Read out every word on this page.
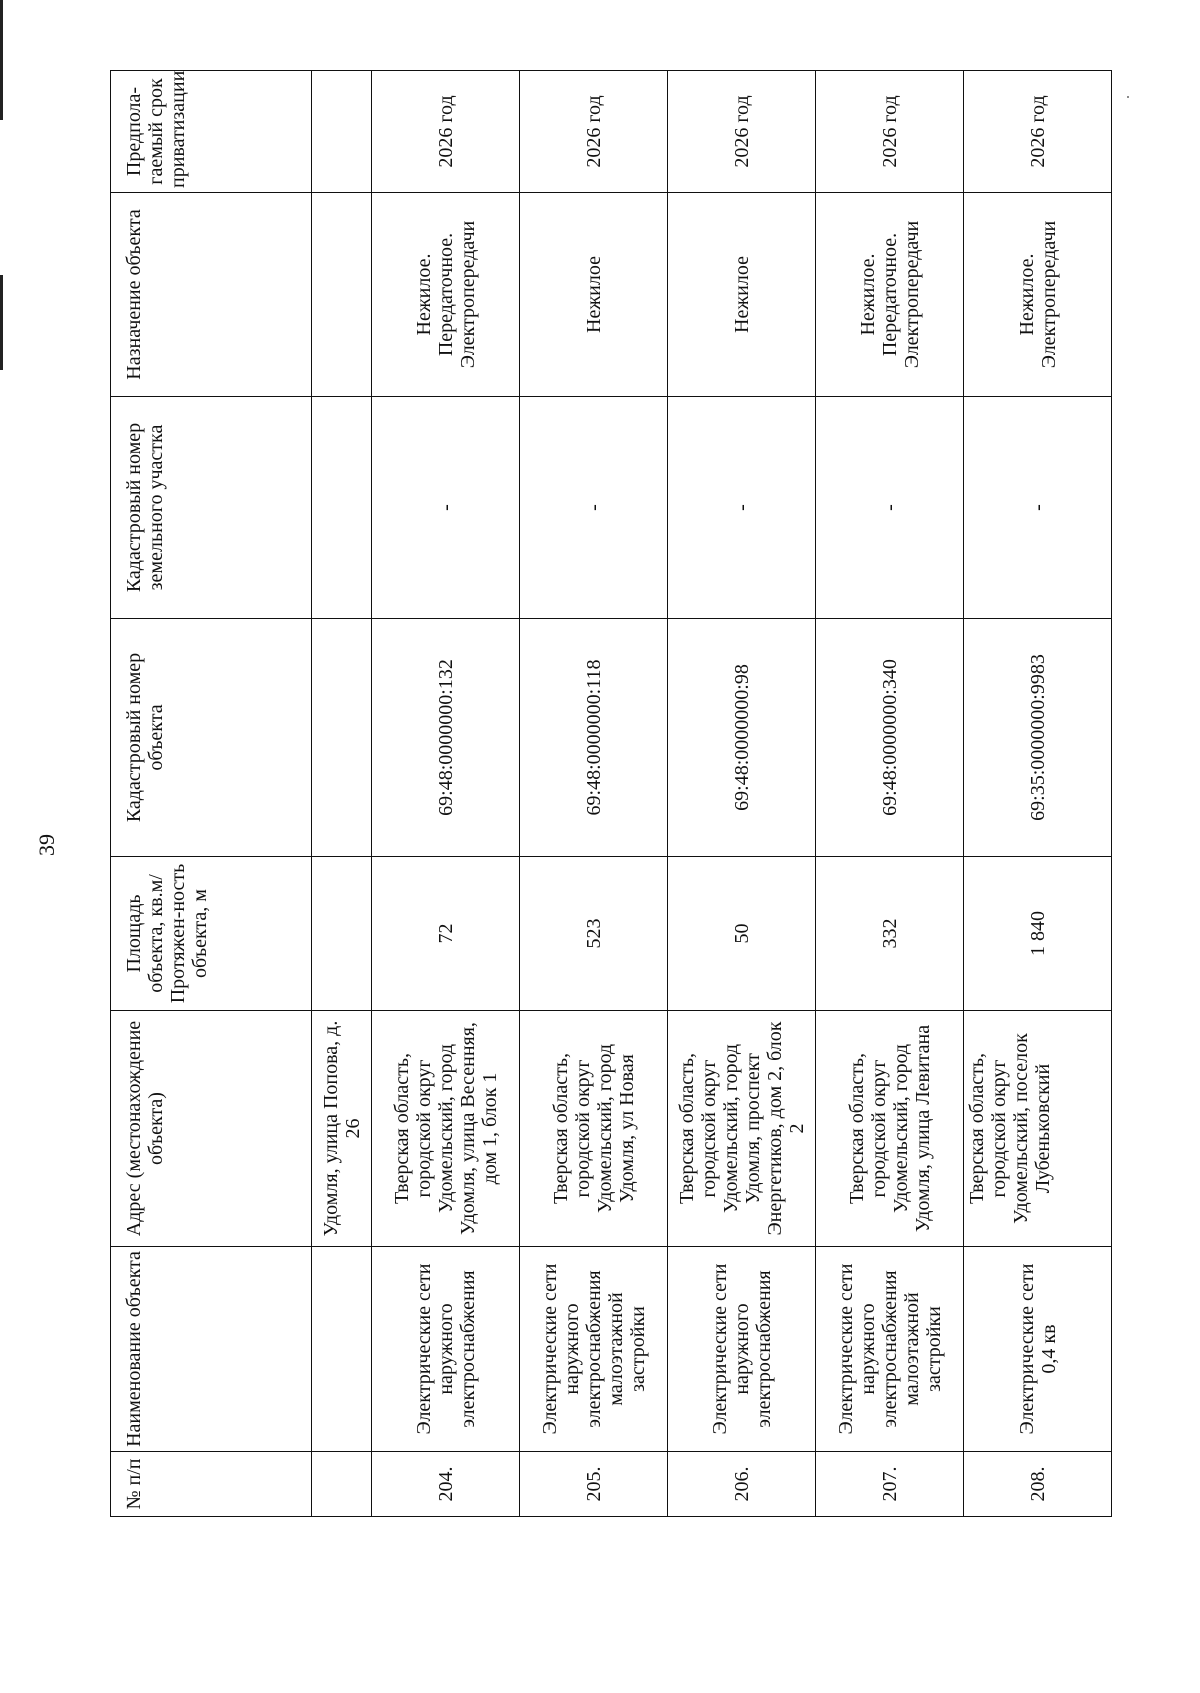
39
№ п/п	Наименование объекта	Адрес (местонахождение объекта)	Площадь объекта, кв.м/ Протяжен-ность объекта, м	Кадастровый номер объекта	Кадастровый номер земельного участка	Назначение объекта	Предпола-гаемый срок приватизации
		Удомля, улица Попова, д. 26					
204.	Электрические сети наружного электроснабжения	Тверская область, городской округ Удомельский, город Удомля, улица Весенняя, дом 1, блок 1	72	69:48:0000000:132	-	Нежилое. Передаточное. Электропередачи	2026 год
205.	Электрические сети наружного электроснабжения малоэтажной застройки	Тверская область, городской округ Удомельский, город Удомля, ул Новая	523	69:48:0000000:118	-	Нежилое	2026 год
206.	Электрические сети наружного электроснабжения	Тверская область, городской округ Удомельский, город Удомля, проспект Энергетиков, дом 2, блок 2	50	69:48:0000000:98	-	Нежилое	2026 год
207.	Электрические сети наружного электроснабжения малоэтажной застройки	Тверская область, городской округ Удомельский, город Удомля, улица Левитана	332	69:48:0000000:340	-	Нежилое. Передаточное. Электропередачи	2026 год
208.	Электрические сети 0,4 кв	Тверская область, городской округ Удомельский, поселок Лубеньковский	1 840	69:35:0000000:9983	-	Нежилое. Электропередачи	2026 год
